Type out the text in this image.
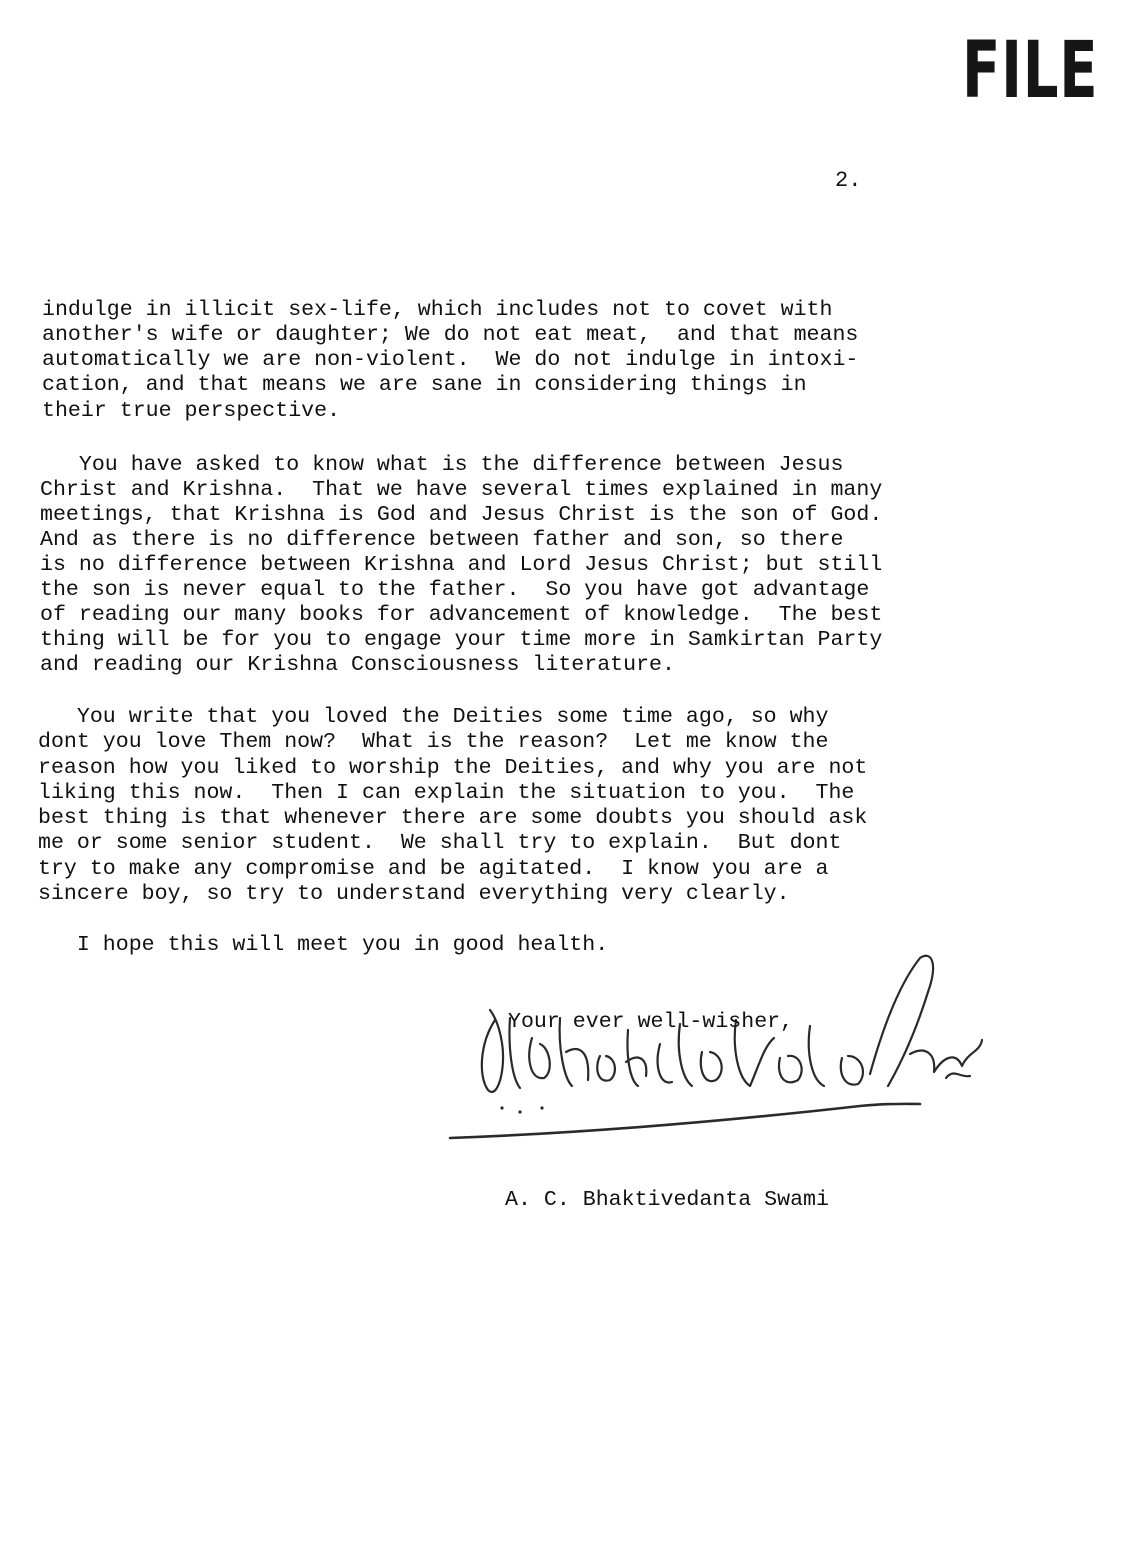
FILE
2.
indulge in illicit sex-life, which includes not to covet with
another's wife or daughter; We do not eat meat,  and that means
automatically we are non-violent.  We do not indulge in intoxi-
cation, and that means we are sane in considering things in
their true perspective.
You have asked to know what is the difference between Jesus
Christ and Krishna.  That we have several times explained in many
meetings, that Krishna is God and Jesus Christ is the son of God.
And as there is no difference between father and son, so there
is no difference between Krishna and Lord Jesus Christ; but still
the son is never equal to the father.  So you have got advantage
of reading our many books for advancement of knowledge.  The best
thing will be for you to engage your time more in Samkirtan Party
and reading our Krishna Consciousness literature.
You write that you loved the Deities some time ago, so why
dont you love Them now?  What is the reason?  Let me know the
reason how you liked to worship the Deities, and why you are not
liking this now.  Then I can explain the situation to you.  The
best thing is that whenever there are some doubts you should ask
me or some senior student.  We shall try to explain.  But dont
try to make any compromise and be agitated.  I know you are a
sincere boy, so try to understand everything very clearly.
I hope this will meet you in good health.
Your ever well-wisher,
A. C. Bhaktivedanta Swami
